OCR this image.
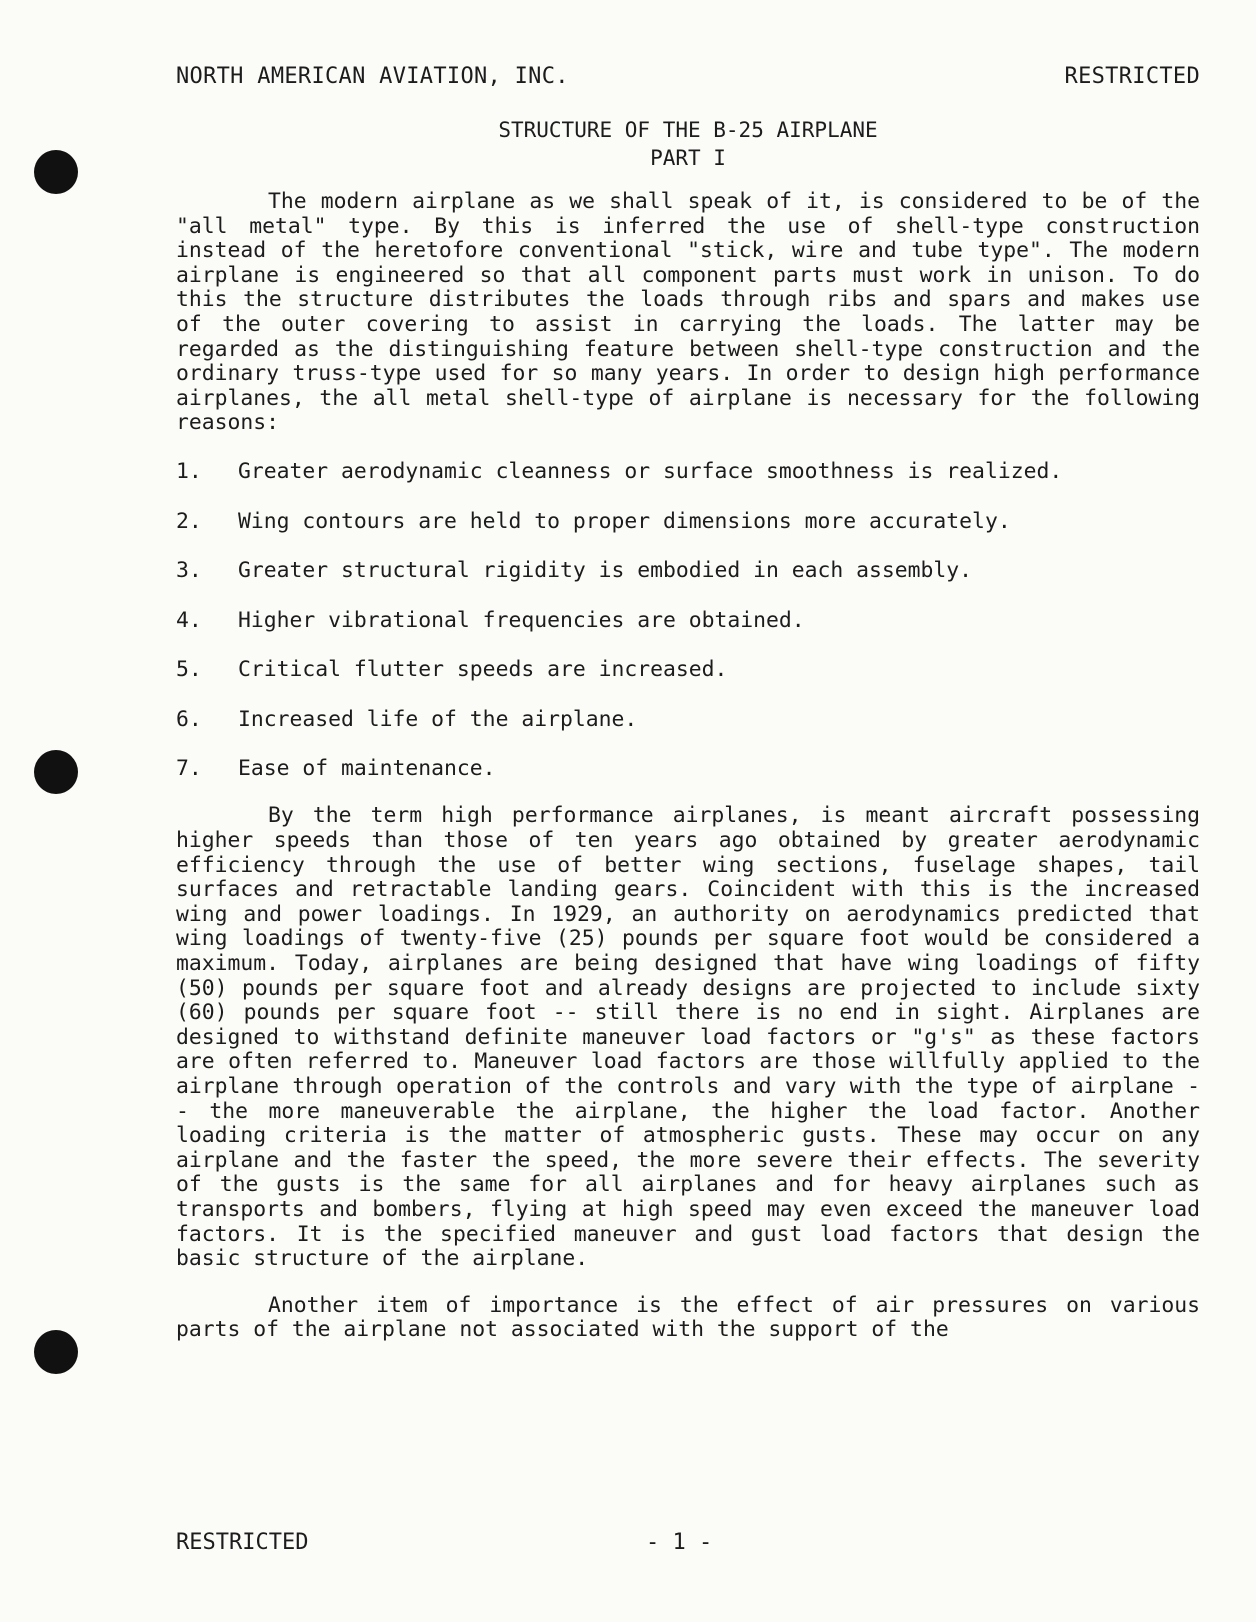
NORTH AMERICAN AVIATION, INC.	RESTRICTED
STRUCTURE OF THE B-25 AIRPLANE
PART I

The modern airplane as we shall speak of it, is considered to be of the "all metal" type. By this is inferred the use of shell-type construction instead of the heretofore conventional "stick, wire and tube type". The modern airplane is engineered so that all component parts must work in unison. To do this the structure distributes the loads through ribs and spars and makes use of the outer covering to assist in carrying the loads. The latter may be regarded as the distinguishing feature between shell-type construction and the ordinary truss-type used for so many years. In order to design high performance airplanes, the all metal shell-type of airplane is necessary for the following reasons:

1.	Greater aerodynamic cleanness or surface smoothness is realized.
2.	Wing contours are held to proper dimensions more accurately.
3.	Greater structural rigidity is embodied in each assembly.
4.	Higher vibrational frequencies are obtained.
5.	Critical flutter speeds are increased.
6.	Increased life of the airplane.
7.	Ease of maintenance.

By the term high performance airplanes, is meant aircraft possessing higher speeds than those of ten years ago obtained by greater aerodynamic efficiency through the use of better wing sections, fuselage shapes, tail surfaces and retractable landing gears. Coincident with this is the increased wing and power loadings. In 1929, an authority on aerodynamics predicted that wing loadings of twenty-five (25) pounds per square foot would be considered a maximum. Today, airplanes are being designed that have wing loadings of fifty (50) pounds per square foot and already designs are projected to include sixty (60) pounds per square foot -- still there is no end in sight. Airplanes are designed to withstand definite maneuver load factors or "g's" as these factors are often referred to. Maneuver load factors are those willfully applied to the airplane through operation of the controls and vary with the type of airplane -- the more maneuverable the airplane, the higher the load factor. Another loading criteria is the matter of atmospheric gusts. These may occur on any airplane and the faster the speed, the more severe their effects. The severity of the gusts is the same for all airplanes and for heavy airplanes such as transports and bombers, flying at high speed may even exceed the maneuver load factors. It is the specified maneuver and gust load factors that design the basic structure of the airplane.

Another item of importance is the effect of air pressures on various parts of the airplane not associated with the support of the

RESTRICTED	- 1 -
